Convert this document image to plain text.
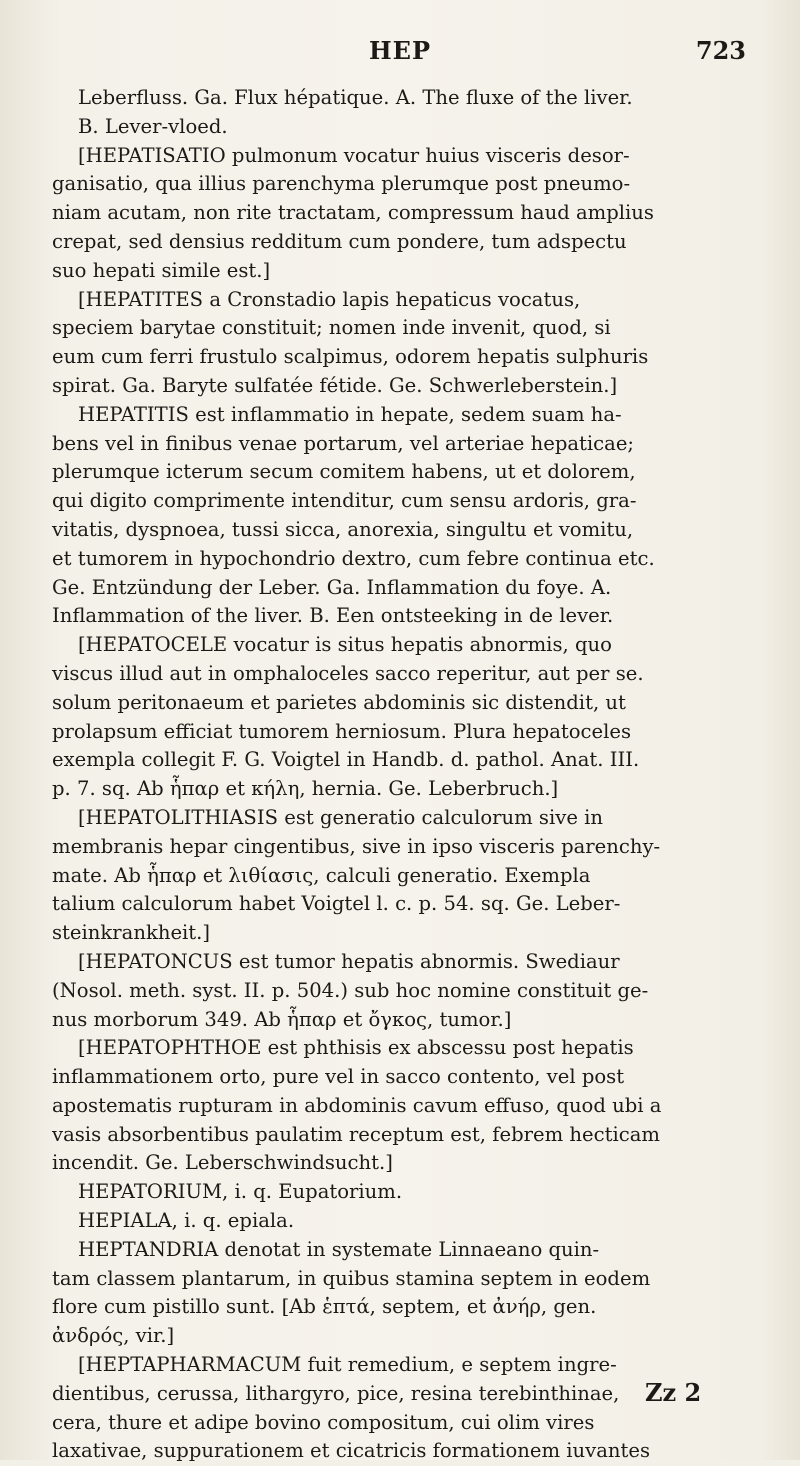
HEP	723
Leberfluss. Ga. Flux hépatique. A. The fluxe of the liver.
B. Lever-vloed.
[HEPATISATIO pulmonum vocatur huius visceris desor-
ganisatio, qua illius parenchyma plerumque post pneumo-
niam acutam, non rite tractatam, compressum haud amplius
crepat, sed densius redditum cum pondere, tum adspectu
suo hepati simile est.]
[HEPATITES a Cronstadio lapis hepaticus vocatus,
speciem barytae constituit; nomen inde invenit, quod, si
eum cum ferri frustulo scalpimus, odorem hepatis sulphuris
spirat. Ga. Baryte sulfatée fétide. Ge. Schwerleberstein.]
HEPATITIS est inflammatio in hepate, sedem suam ha-
bens vel in finibus venae portarum, vel arteriae hepaticae;
plerumque icterum secum comitem habens, ut et dolorem,
qui digito comprimente intenditur, cum sensu ardoris, gra-
vitatis, dyspnoea, tussi sicca, anorexia, singultu et vomitu,
et tumorem in hypochondrio dextro, cum febre continua etc.
Ge. Entzündung der Leber. Ga. Inflammation du foye. A.
Inflammation of the liver. B. Een ontsteeking in de lever.
[HEPATOCELE vocatur is situs hepatis abnormis, quo
viscus illud aut in omphaloceles sacco reperitur, aut per se.
solum peritonaeum et parietes abdominis sic distendit, ut
prolapsum efficiat tumorem herniosum. Plura hepatoceles
exempla collegit F. G. Voigtel in Handb. d. pathol. Anat. III.
p. 7. sq. Ab ἧπαρ et κήλη, hernia. Ge. Leberbruch.]
[HEPATOLITHIASIS est generatio calculorum sive in
membranis hepar cingentibus, sive in ipso visceris parenchy-
mate. Ab ἧπαρ et λιθίασις, calculi generatio. Exempla
talium calculorum habet Voigtel l. c. p. 54. sq. Ge. Leber-
steinkrankheit.]
[HEPATONCUS est tumor hepatis abnormis. Swediaur
(Nosol. meth. syst. II. p. 504.) sub hoc nomine constituit ge-
nus morborum 349. Ab ἧπαρ et ὄγκος, tumor.]
[HEPATOPHTHOE est phthisis ex abscessu post hepatis
inflammationem orto, pure vel in sacco contento, vel post
apostematis rupturam in abdominis cavum effuso, quod ubi a
vasis absorbentibus paulatim receptum est, febrem hecticam
incendit. Ge. Leberschwindsucht.]
HEPATORIUM, i. q. Eupatorium.
HEPIALA, i. q. epiala.
HEPTANDRIA denotat in systemate Linnaeano quin-
tam classem plantarum, in quibus stamina septem in eodem
flore cum pistillo sunt. [Ab ἑπτά, septem, et ἀνήρ, gen.
ἀνδρός, vir.]
[HEPTAPHARMACUM fuit remedium, e septem ingre-
dientibus, cerussa, lithargyro, pice, resina terebinthinae,
cera, thure et adipe bovino compositum, cui olim vires
laxativae, suppurationem et cicatricis formationem iuvantes
Zz 2
